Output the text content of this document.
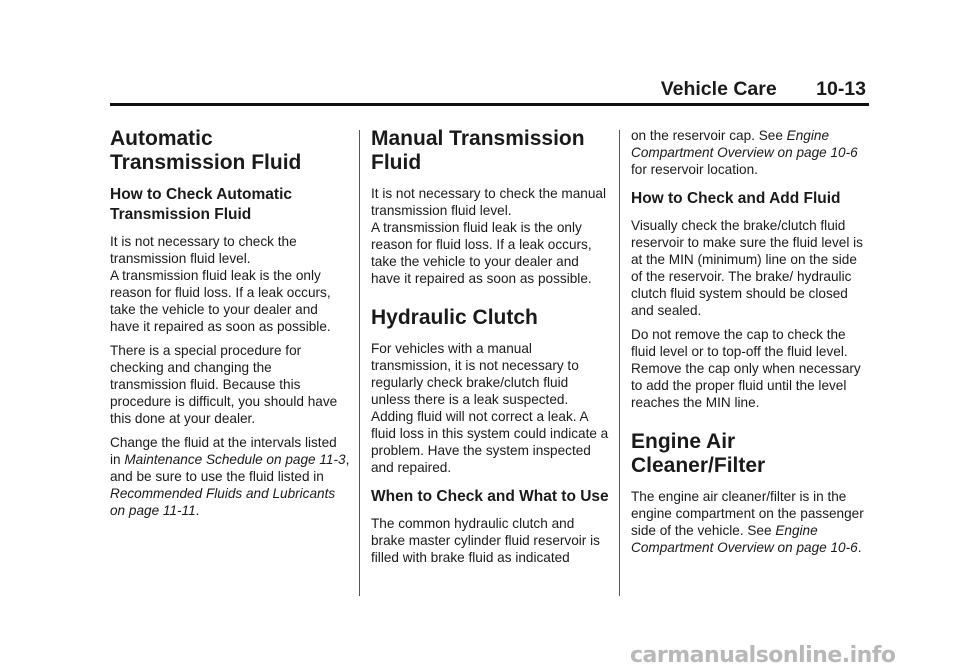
Vehicle Care 10-13
Automatic Transmission Fluid
How to Check Automatic Transmission Fluid

It is not necessary to check the transmission fluid level.

A transmission fluid leak is the only reason for fluid loss. If a leak occurs, take the vehicle to your dealer and have it repaired as soon as possible.

There is a special procedure for checking and changing the transmission fluid. Because this procedure is difficult, you should have this done at your dealer.

Change the fluid at the intervals listed in Maintenance Schedule on page 11-3, and be sure to use the fluid listed in Recommended Fluids and Lubricants on page 11-11.

Manual Transmission Fluid

It is not necessary to check the manual transmission fluid level.

A transmission fluid leak is the only reason for fluid loss. If a leak occurs, take the vehicle to your dealer and have it repaired as soon as possible.

Hydraulic Clutch

For vehicles with a manual transmission, it is not necessary to regularly check brake/clutch fluid unless there is a leak suspected. Adding fluid will not correct a leak. A fluid loss in this system could indicate a problem. Have the system inspected and repaired.

When to Check and What to Use

The common hydraulic clutch and brake master cylinder fluid reservoir is filled with brake fluid as indicated

on the reservoir cap. See Engine Compartment Overview on page 10-6 for reservoir location.

How to Check and Add Fluid

Visually check the brake/clutch fluid reservoir to make sure the fluid level is at the MIN (minimum) line on the side of the reservoir. The brake/ hydraulic clutch fluid system should be closed and sealed.

Do not remove the cap to check the fluid level or to top-off the fluid level. Remove the cap only when necessary to add the proper fluid until the level reaches the MIN line.

Engine Air Cleaner/Filter

The engine air cleaner/filter is in the engine compartment on the passenger side of the vehicle. See Engine Compartment Overview on page 10-6.

carmanualsonline.info
